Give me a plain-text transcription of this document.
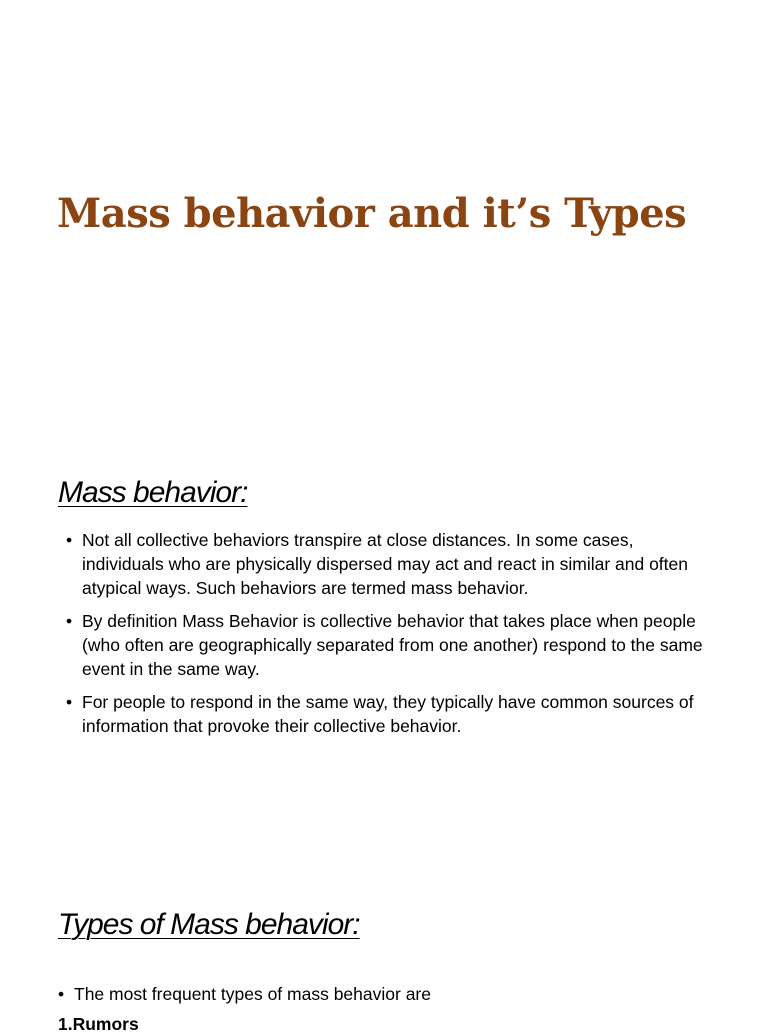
Mass behavior and it’s Types
Mass behavior:
• Not all collective behaviors transpire at close distances. In some cases, individuals who are physically dispersed may act and react in similar and often atypical ways. Such behaviors are termed mass behavior.
• By definition Mass Behavior is collective behavior that takes place when people (who often are geographically separated from one another) respond to the same event in the same way.
• For people to respond in the same way, they typically have common sources of information that provoke their collective behavior.
Types of Mass behavior:
• The most frequent types of mass behavior are
1.Rumors
